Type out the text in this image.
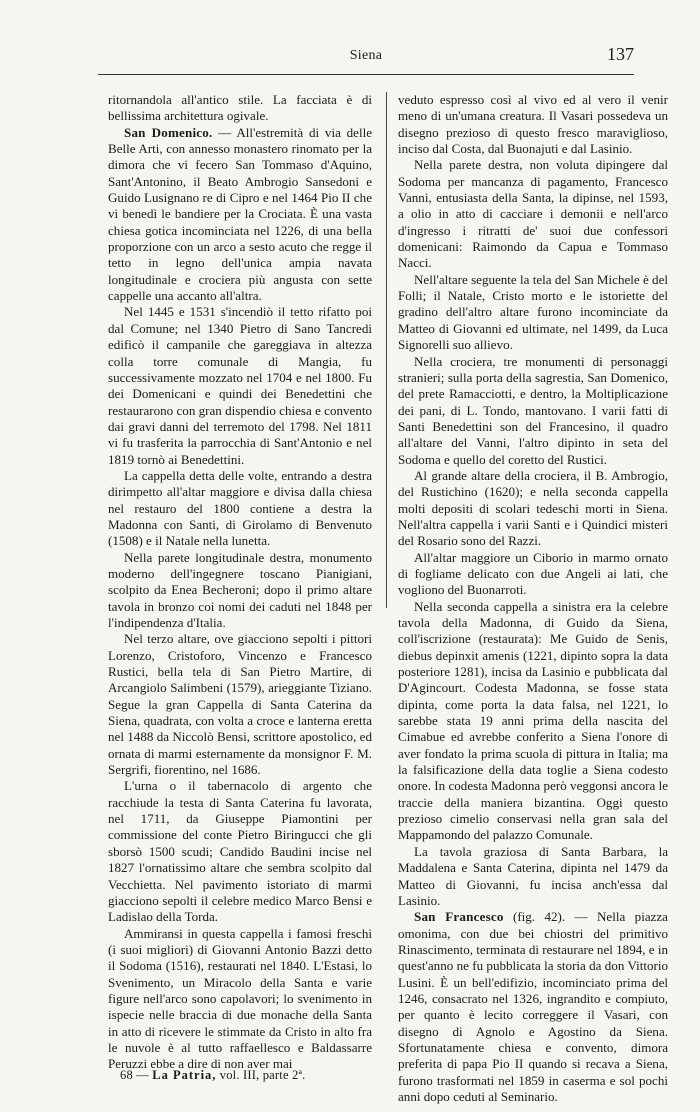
Siena	137

ritornandola all'antico stile. La facciata è di bellissima architettura ogivale.

San Domenico. — All'estremità di via delle Belle Arti, con annesso monastero rinomato per la dimora che vi fecero San Tommaso d'Aquino, Sant'Antonino, il Beato Ambrogio Sansedoni e Guido Lusignano re di Cipro e nel 1464 Pio II che vi benedì le bandiere per la Crociata. È una vasta chiesa gotica incominciata nel 1226, di una bella proporzione con un arco a sesto acuto che regge il tetto in legno dell'unica ampia navata longitudinale e crociera più angusta con sette cappelle una accanto all'altra.

Nel 1445 e 1531 s'incendiò il tetto rifatto poi dal Comune; nel 1340 Pietro di Sano Tancredi edificò il campanile che gareggiava in altezza colla torre comunale di Mangia, fu successivamente mozzato nel 1704 e nel 1800. Fu dei Domenicani e quindi dei Benedettini che restaurarono con gran dispendio chiesa e convento dai gravi danni del terremoto del 1798. Nel 1811 vi fu trasferita la parrocchia di Sant'Antonio e nel 1819 tornò ai Benedettini.

La cappella detta delle volte, entrando a destra dirimpetto all'altar maggiore e divisa dalla chiesa nel restauro del 1800 contiene a destra la Madonna con Santi, di Girolamo di Benvenuto (1508) e il Natale nella lunetta.

Nella parete longitudinale destra, monumento moderno dell'ingegnere toscano Pianigiani, scolpito da Enea Becheroni; dopo il primo altare tavola in bronzo coi nomi dei caduti nel 1848 per l'indipendenza d'Italia.

Nel terzo altare, ove giacciono sepolti i pittori Lorenzo, Cristoforo, Vincenzo e Francesco Rustici, bella tela di San Pietro Martire, di Arcangiolo Salimbeni (1579), arieggiante Tiziano. Segue la gran Cappella di Santa Caterina da Siena, quadrata, con volta a croce e lanterna eretta nel 1488 da Niccolò Bensi, scrittore apostolico, ed ornata di marmi esternamente da monsignor F. M. Sergrifi, fiorentino, nel 1686.

L'urna o il tabernacolo di argento che racchiude la testa di Santa Caterina fu lavorata, nel 1711, da Giuseppe Piamontini per commissione del conte Pietro Biringucci che gli sborsò 1500 scudi; Candido Baudini incise nel 1827 l'ornatissimo altare che sembra scolpito dal Vecchietta. Nel pavimento istoriato di marmi giacciono sepolti il celebre medico Marco Bensi e Ladislao della Torda.

Ammiransi in questa cappella i famosi freschi (i suoi migliori) di Giovanni Antonio Bazzi detto il Sodoma (1516), restaurati nel 1840. L'Estasi, lo Svenimento, un Miracolo della Santa e varie figure nell'arco sono capolavori; lo svenimento in ispecie nelle braccia di due monache della Santa in atto di ricevere le stimmate da Cristo in alto fra le nuvole è al tutto raffaellesco e Baldassarre Peruzzi ebbe a dire di non aver mai

veduto espresso così al vivo ed al vero il venir meno di un'umana creatura. Il Vasari possedeva un disegno prezioso di questo fresco maraviglioso, inciso dal Costa, dal Buonajuti e dal Lasinio.

Nella parete destra, non voluta dipingere dal Sodoma per mancanza di pagamento, Francesco Vanni, entusiasta della Santa, la dipinse, nel 1593, a olio in atto di cacciare i demonii e nell'arco d'ingresso i ritratti de' suoi due confessori domenicani: Raimondo da Capua e Tommaso Nacci.

Nell'altare seguente la tela del San Michele è del Folli; il Natale, Cristo morto e le istoriette del gradino dell'altro altare furono incominciate da Matteo di Giovanni ed ultimate, nel 1499, da Luca Signorelli suo allievo.

Nella crociera, tre monumenti di personaggi stranieri; sulla porta della sagrestia, San Domenico, del prete Ramacciotti, e dentro, la Moltiplicazione dei pani, di L. Tondo, mantovano. I varii fatti di Santi Benedettini son del Francesino, il quadro all'altare del Vanni, l'altro dipinto in seta del Sodoma e quello del coretto del Rustici.

Al grande altare della crociera, il B. Ambrogio, del Rustichino (1620); e nella seconda cappella molti depositi di scolari tedeschi morti in Siena. Nell'altra cappella i varii Santi e i Quindici misteri del Rosario sono del Razzi.

All'altar maggiore un Ciborio in marmo ornato di fogliame delicato con due Angeli ai lati, che vogliono del Buonarroti.

Nella seconda cappella a sinistra era la celebre tavola della Madonna, di Guido da Siena, coll'iscrizione (restaurata): Me Guido de Senis, diebus depinxit amenis (1221, dipinto sopra la data posteriore 1281), incisa da Lasinio e pubblicata dal D'Agincourt. Codesta Madonna, se fosse stata dipinta, come porta la data falsa, nel 1221, lo sarebbe stata 19 anni prima della nascita del Cimabue ed avrebbe conferito a Siena l'onore di aver fondato la prima scuola di pittura in Italia; ma la falsificazione della data toglie a Siena codesto onore. In codesta Madonna però veggonsi ancora le traccie della maniera bizantina. Oggi questo prezioso cimelio conservasi nella gran sala del Mappamondo del palazzo Comunale.

La tavola graziosa di Santa Barbara, la Maddalena e Santa Caterina, dipinta nel 1479 da Matteo di Giovanni, fu incisa anch'essa dal Lasinio.

San Francesco (fig. 42). — Nella piazza omonima, con due bei chiostri del primitivo Rinascimento, terminata di restaurare nel 1894, e in quest'anno ne fu pubblicata la storia da don Vittorio Lusini. È un bell'edifizio, incominciato prima del 1246, consacrato nel 1326, ingrandito e compiuto, per quanto è lecito correggere il Vasari, con disegno di Agnolo e Agostino da Siena. Sfortunatamente chiesa e convento, dimora preferita di papa Pio II quando si recava a Siena, furono trasformati nel 1859 in caserma e sol pochi anni dopo ceduti al Seminario.

68 — La Patria, vol. III, parte 2ª.
